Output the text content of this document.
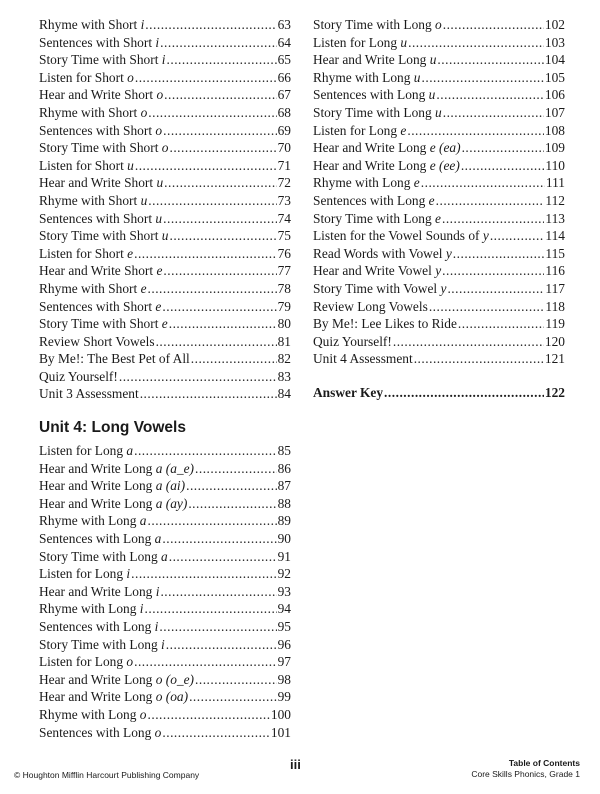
Rhyme with Short i .....	63
Sentences with Short i .....	64
Story Time with Short i .....	65
Listen for Short o .....	66
Hear and Write Short o .....	67
Rhyme with Short o .....	68
Sentences with Short o .....	69
Story Time with Short o .....	70
Listen for Short u .....	71
Hear and Write Short u .....	72
Rhyme with Short u .....	73
Sentences with Short u .....	74
Story Time with Short u .....	75
Listen for Short e .....	76
Hear and Write Short e .....	77
Rhyme with Short e .....	78
Sentences with Short e .....	79
Story Time with Short e .....	80
Review Short Vowels .....	81
By Me!: The Best Pet of All .....	82
Quiz Yourself! .....	83
Unit 3 Assessment .....	84
Unit 4: Long Vowels
Listen for Long a .....	85
Hear and Write Long a (a_e) .....	86
Hear and Write Long a (ai) .....	87
Hear and Write Long a (ay) .....	88
Rhyme with Long a .....	89
Sentences with Long a .....	90
Story Time with Long a .....	91
Listen for Long i .....	92
Hear and Write Long i .....	93
Rhyme with Long i .....	94
Sentences with Long i .....	95
Story Time with Long i .....	96
Listen for Long o .....	97
Hear and Write Long o (o_e) .....	98
Hear and Write Long o (oa) .....	99
Rhyme with Long o .....	100
Sentences with Long o .....	101
Story Time with Long o .....	102
Listen for Long u .....	103
Hear and Write Long u .....	104
Rhyme with Long u .....	105
Sentences with Long u .....	106
Story Time with Long u .....	107
Listen for Long e .....	108
Hear and Write Long e (ea) .....	109
Hear and Write Long e (ee) .....	110
Rhyme with Long e .....	111
Sentences with Long e .....	112
Story Time with Long e .....	113
Listen for the Vowel Sounds of y .....	114
Read Words with Vowel y .....	115
Hear and Write Vowel y .....	116
Story Time with Vowel y .....	117
Review Long Vowels .....	118
By Me!: Lee Likes to Ride .....	119
Quiz Yourself! .....	120
Unit 4 Assessment .....	121
Answer Key .....	122
© Houghton Mifflin Harcourt Publishing Company
iii	Table of Contents
Core Skills Phonics, Grade 1
